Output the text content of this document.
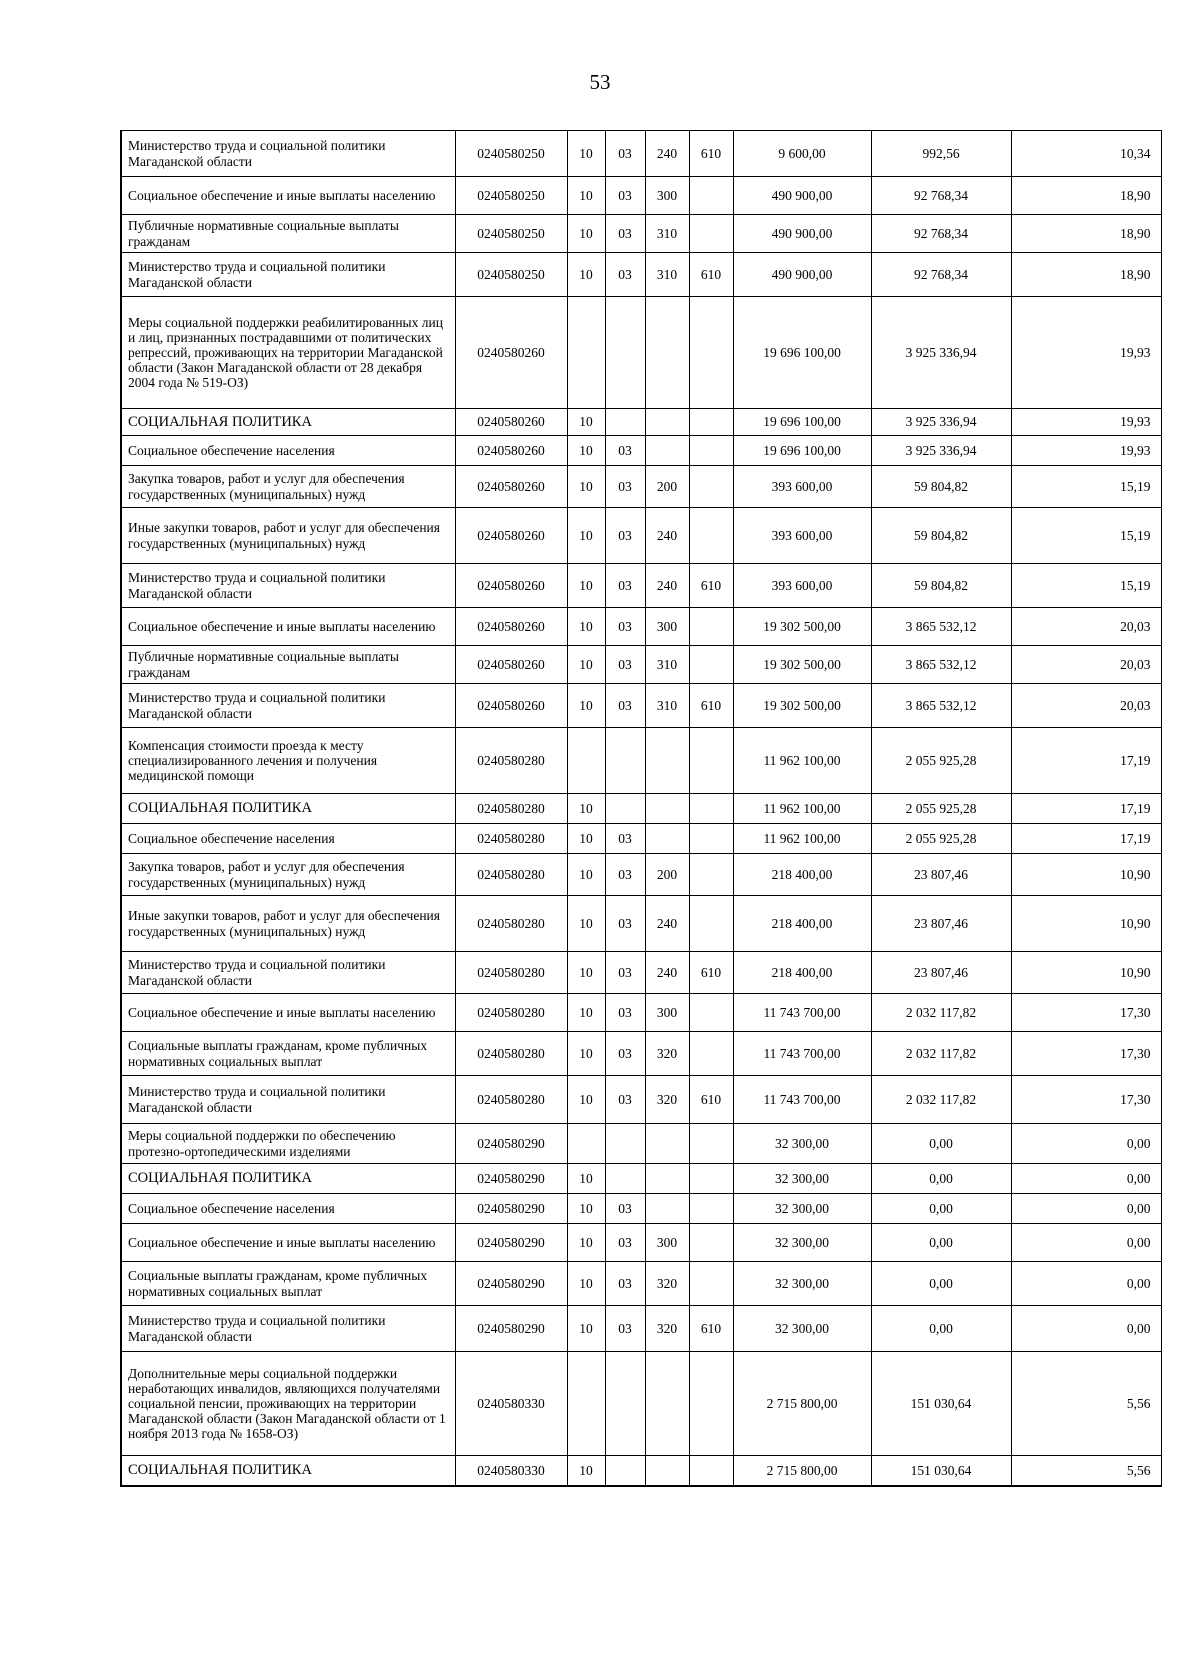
53
Министерство труда и социальной политики Магаданской области	0240580250	10	03	240	610	9 600,00	992,56	10,34
Социальное обеспечение и иные выплаты населению	0240580250	10	03	300		490 900,00	92 768,34	18,90
Публичные нормативные социальные выплаты гражданам	0240580250	10	03	310		490 900,00	92 768,34	18,90
Министерство труда и социальной политики Магаданской области	0240580250	10	03	310	610	490 900,00	92 768,34	18,90
Меры социальной поддержки реабилитированных лиц и лиц, признанных пострадавшими от политических репрессий, проживающих на территории Магаданской области (Закон Магаданской области от 28 декабря 2004 года № 519-ОЗ)	0240580260					19 696 100,00	3 925 336,94	19,93
СОЦИАЛЬНАЯ ПОЛИТИКА	0240580260	10				19 696 100,00	3 925 336,94	19,93
Социальное обеспечение населения	0240580260	10	03			19 696 100,00	3 925 336,94	19,93
Закупка товаров, работ и услуг для обеспечения государственных (муниципальных) нужд	0240580260	10	03	200		393 600,00	59 804,82	15,19
Иные закупки товаров, работ и услуг для обеспечения государственных (муниципальных) нужд	0240580260	10	03	240		393 600,00	59 804,82	15,19
Министерство труда и социальной политики Магаданской области	0240580260	10	03	240	610	393 600,00	59 804,82	15,19
Социальное обеспечение и иные выплаты населению	0240580260	10	03	300		19 302 500,00	3 865 532,12	20,03
Публичные нормативные социальные выплаты гражданам	0240580260	10	03	310		19 302 500,00	3 865 532,12	20,03
Министерство труда и социальной политики Магаданской области	0240580260	10	03	310	610	19 302 500,00	3 865 532,12	20,03
Компенсация стоимости проезда к месту специализированного лечения и получения медицинской помощи	0240580280					11 962 100,00	2 055 925,28	17,19
СОЦИАЛЬНАЯ ПОЛИТИКА	0240580280	10				11 962 100,00	2 055 925,28	17,19
Социальное обеспечение населения	0240580280	10	03			11 962 100,00	2 055 925,28	17,19
Закупка товаров, работ и услуг для обеспечения государственных (муниципальных) нужд	0240580280	10	03	200		218 400,00	23 807,46	10,90
Иные закупки товаров, работ и услуг для обеспечения государственных (муниципальных) нужд	0240580280	10	03	240		218 400,00	23 807,46	10,90
Министерство труда и социальной политики Магаданской области	0240580280	10	03	240	610	218 400,00	23 807,46	10,90
Социальное обеспечение и иные выплаты населению	0240580280	10	03	300		11 743 700,00	2 032 117,82	17,30
Социальные выплаты гражданам, кроме публичных нормативных социальных выплат	0240580280	10	03	320		11 743 700,00	2 032 117,82	17,30
Министерство труда и социальной политики Магаданской области	0240580280	10	03	320	610	11 743 700,00	2 032 117,82	17,30
Меры социальной поддержки по обеспечению протезно-ортопедическими изделиями	0240580290					32 300,00	0,00	0,00
СОЦИАЛЬНАЯ ПОЛИТИКА	0240580290	10				32 300,00	0,00	0,00
Социальное обеспечение населения	0240580290	10	03			32 300,00	0,00	0,00
Социальное обеспечение и иные выплаты населению	0240580290	10	03	300		32 300,00	0,00	0,00
Социальные выплаты гражданам, кроме публичных нормативных социальных выплат	0240580290	10	03	320		32 300,00	0,00	0,00
Министерство труда и социальной политики Магаданской области	0240580290	10	03	320	610	32 300,00	0,00	0,00
Дополнительные меры социальной поддержки неработающих инвалидов, являющихся получателями социальной пенсии, проживающих на территории Магаданской области (Закон Магаданской области от 1 ноября 2013 года № 1658-ОЗ)	0240580330					2 715 800,00	151 030,64	5,56
СОЦИАЛЬНАЯ ПОЛИТИКА	0240580330	10				2 715 800,00	151 030,64	5,56
